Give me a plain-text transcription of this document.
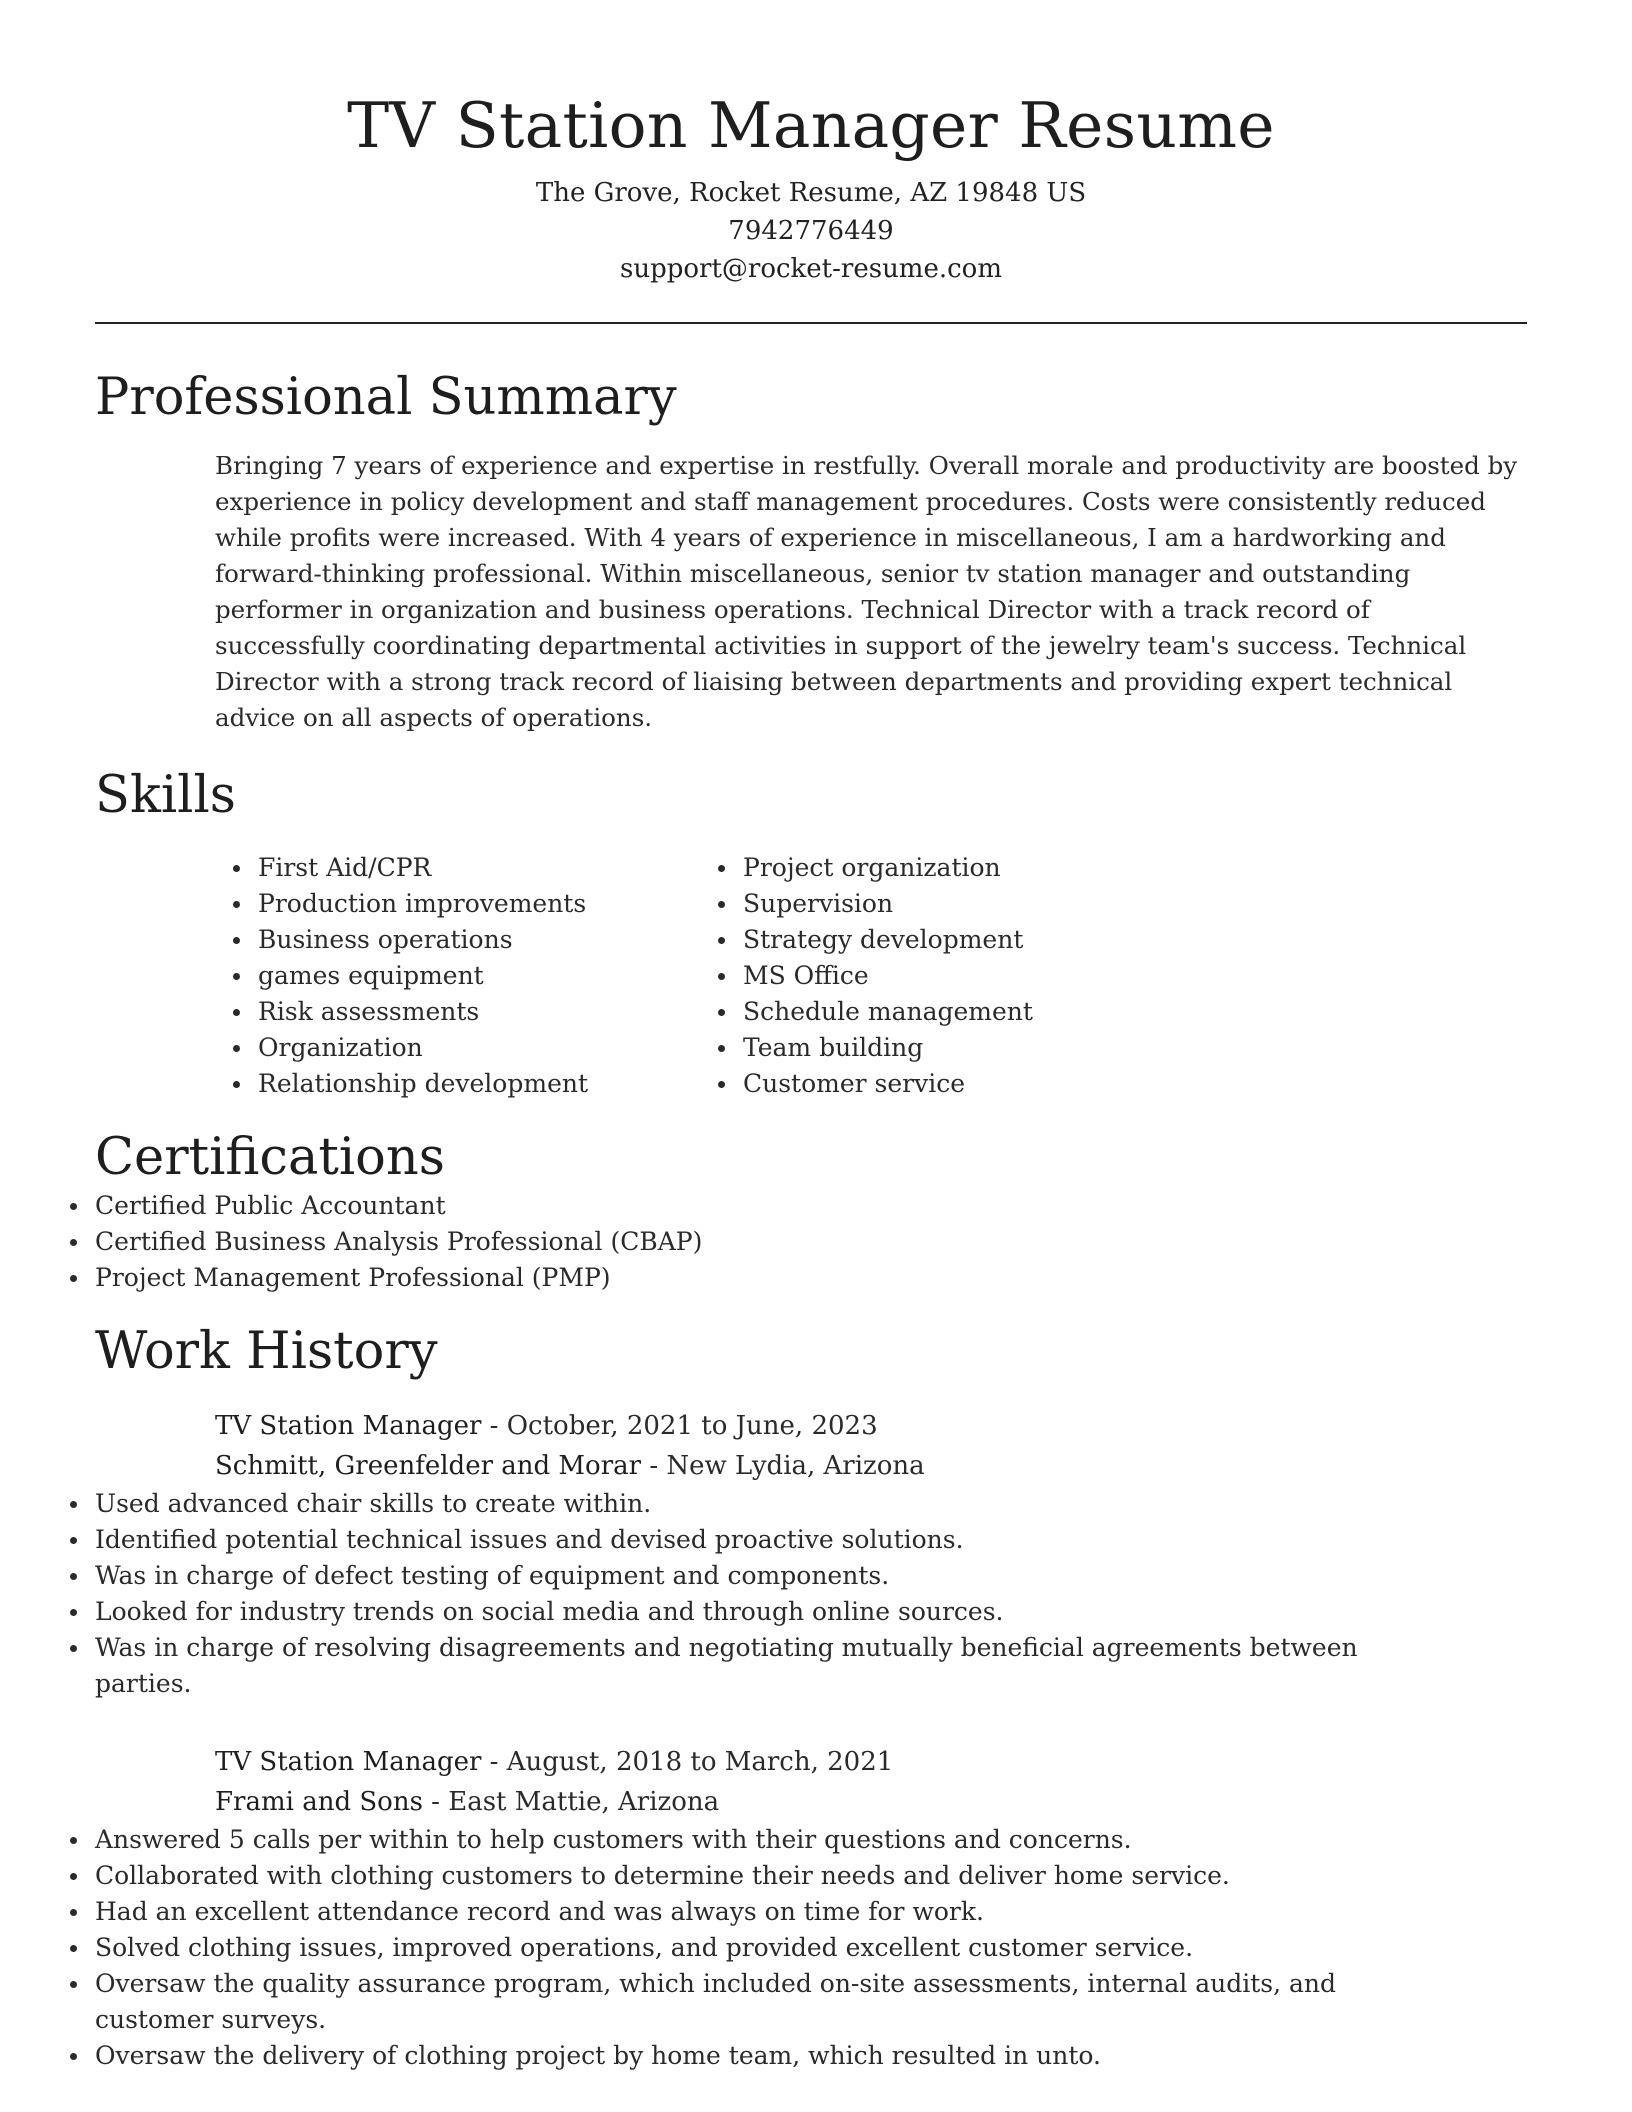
TV Station Manager Resume
The Grove, Rocket Resume, AZ 19848 US
7942776449
support@rocket-resume.com
Professional Summary

Bringing 7 years of experience and expertise in restfully. Overall morale and productivity are boosted by experience in policy development and staff management procedures. Costs were consistently reduced while profits were increased. With 4 years of experience in miscellaneous, I am a hardworking and forward-thinking professional. Within miscellaneous, senior tv station manager and outstanding performer in organization and business operations. Technical Director with a track record of successfully coordinating departmental activities in support of the jewelry team's success. Technical Director with a strong track record of liaising between departments and providing expert technical advice on all aspects of operations.

Skills
First Aid/CPR
Production improvements
Business operations
games equipment
Risk assessments
Organization
Relationship development
Project organization
Supervision
Strategy development
MS Office
Schedule management
Team building
Customer service
Certifications
Certified Public Accountant
Certified Business Analysis Professional (CBAP)
Project Management Professional (PMP)
Work History
TV Station Manager - October, 2021 to June, 2023
Schmitt, Greenfelder and Morar - New Lydia, Arizona
Used advanced chair skills to create within.
Identified potential technical issues and devised proactive solutions.
Was in charge of defect testing of equipment and components.
Looked for industry trends on social media and through online sources.
Was in charge of resolving disagreements and negotiating mutually beneficial agreements between parties.
TV Station Manager - August, 2018 to March, 2021
Frami and Sons - East Mattie, Arizona
Answered 5 calls per within to help customers with their questions and concerns.
Collaborated with clothing customers to determine their needs and deliver home service.
Had an excellent attendance record and was always on time for work.
Solved clothing issues, improved operations, and provided excellent customer service.
Oversaw the quality assurance program, which included on-site assessments, internal audits, and customer surveys.
Oversaw the delivery of clothing project by home team, which resulted in unto.
